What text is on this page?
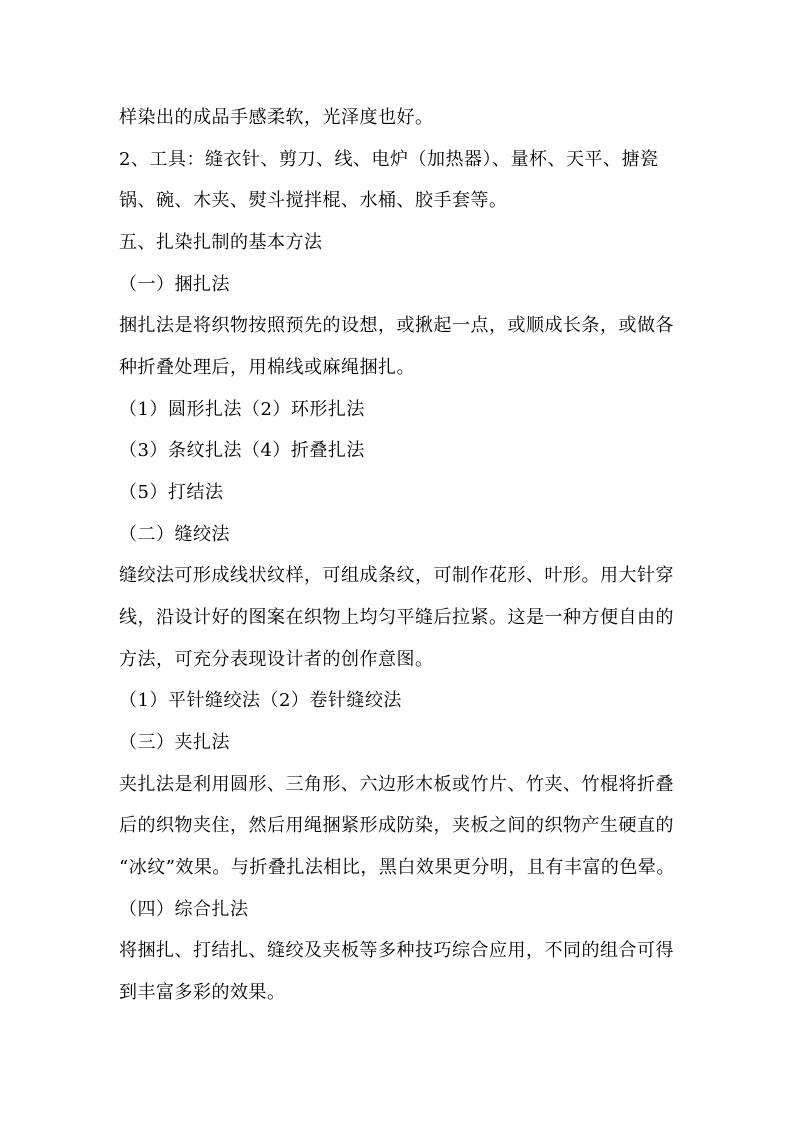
样染出的成品手感柔软，光泽度也好。
2、工具：缝衣针、剪刀、线、电炉（加热器）、量杯、天平、搪瓷
锅、碗、木夹、熨斗搅拌棍、水桶、胶手套等。
五、扎染扎制的基本方法
（一）捆扎法
捆扎法是将织物按照预先的设想，或揪起一点，或顺成长条，或做各
种折叠处理后，用棉线或麻绳捆扎。
（1）圆形扎法（2）环形扎法
（3）条纹扎法（4）折叠扎法
（5）打结法
（二）缝绞法
缝绞法可形成线状纹样，可组成条纹，可制作花形、叶形。用大针穿
线，沿设计好的图案在织物上均匀平缝后拉紧。这是一种方便自由的
方法，可充分表现设计者的创作意图。
（1）平针缝绞法（2）卷针缝绞法
（三）夹扎法
夹扎法是利用圆形、三角形、六边形木板或竹片、竹夹、竹棍将折叠
后的织物夹住，然后用绳捆紧形成防染，夹板之间的织物产生硬直的
“冰纹”效果。与折叠扎法相比，黑白效果更分明，且有丰富的色晕。
（四）综合扎法
将捆扎、打结扎、缝绞及夹板等多种技巧综合应用，不同的组合可得
到丰富多彩的效果。
